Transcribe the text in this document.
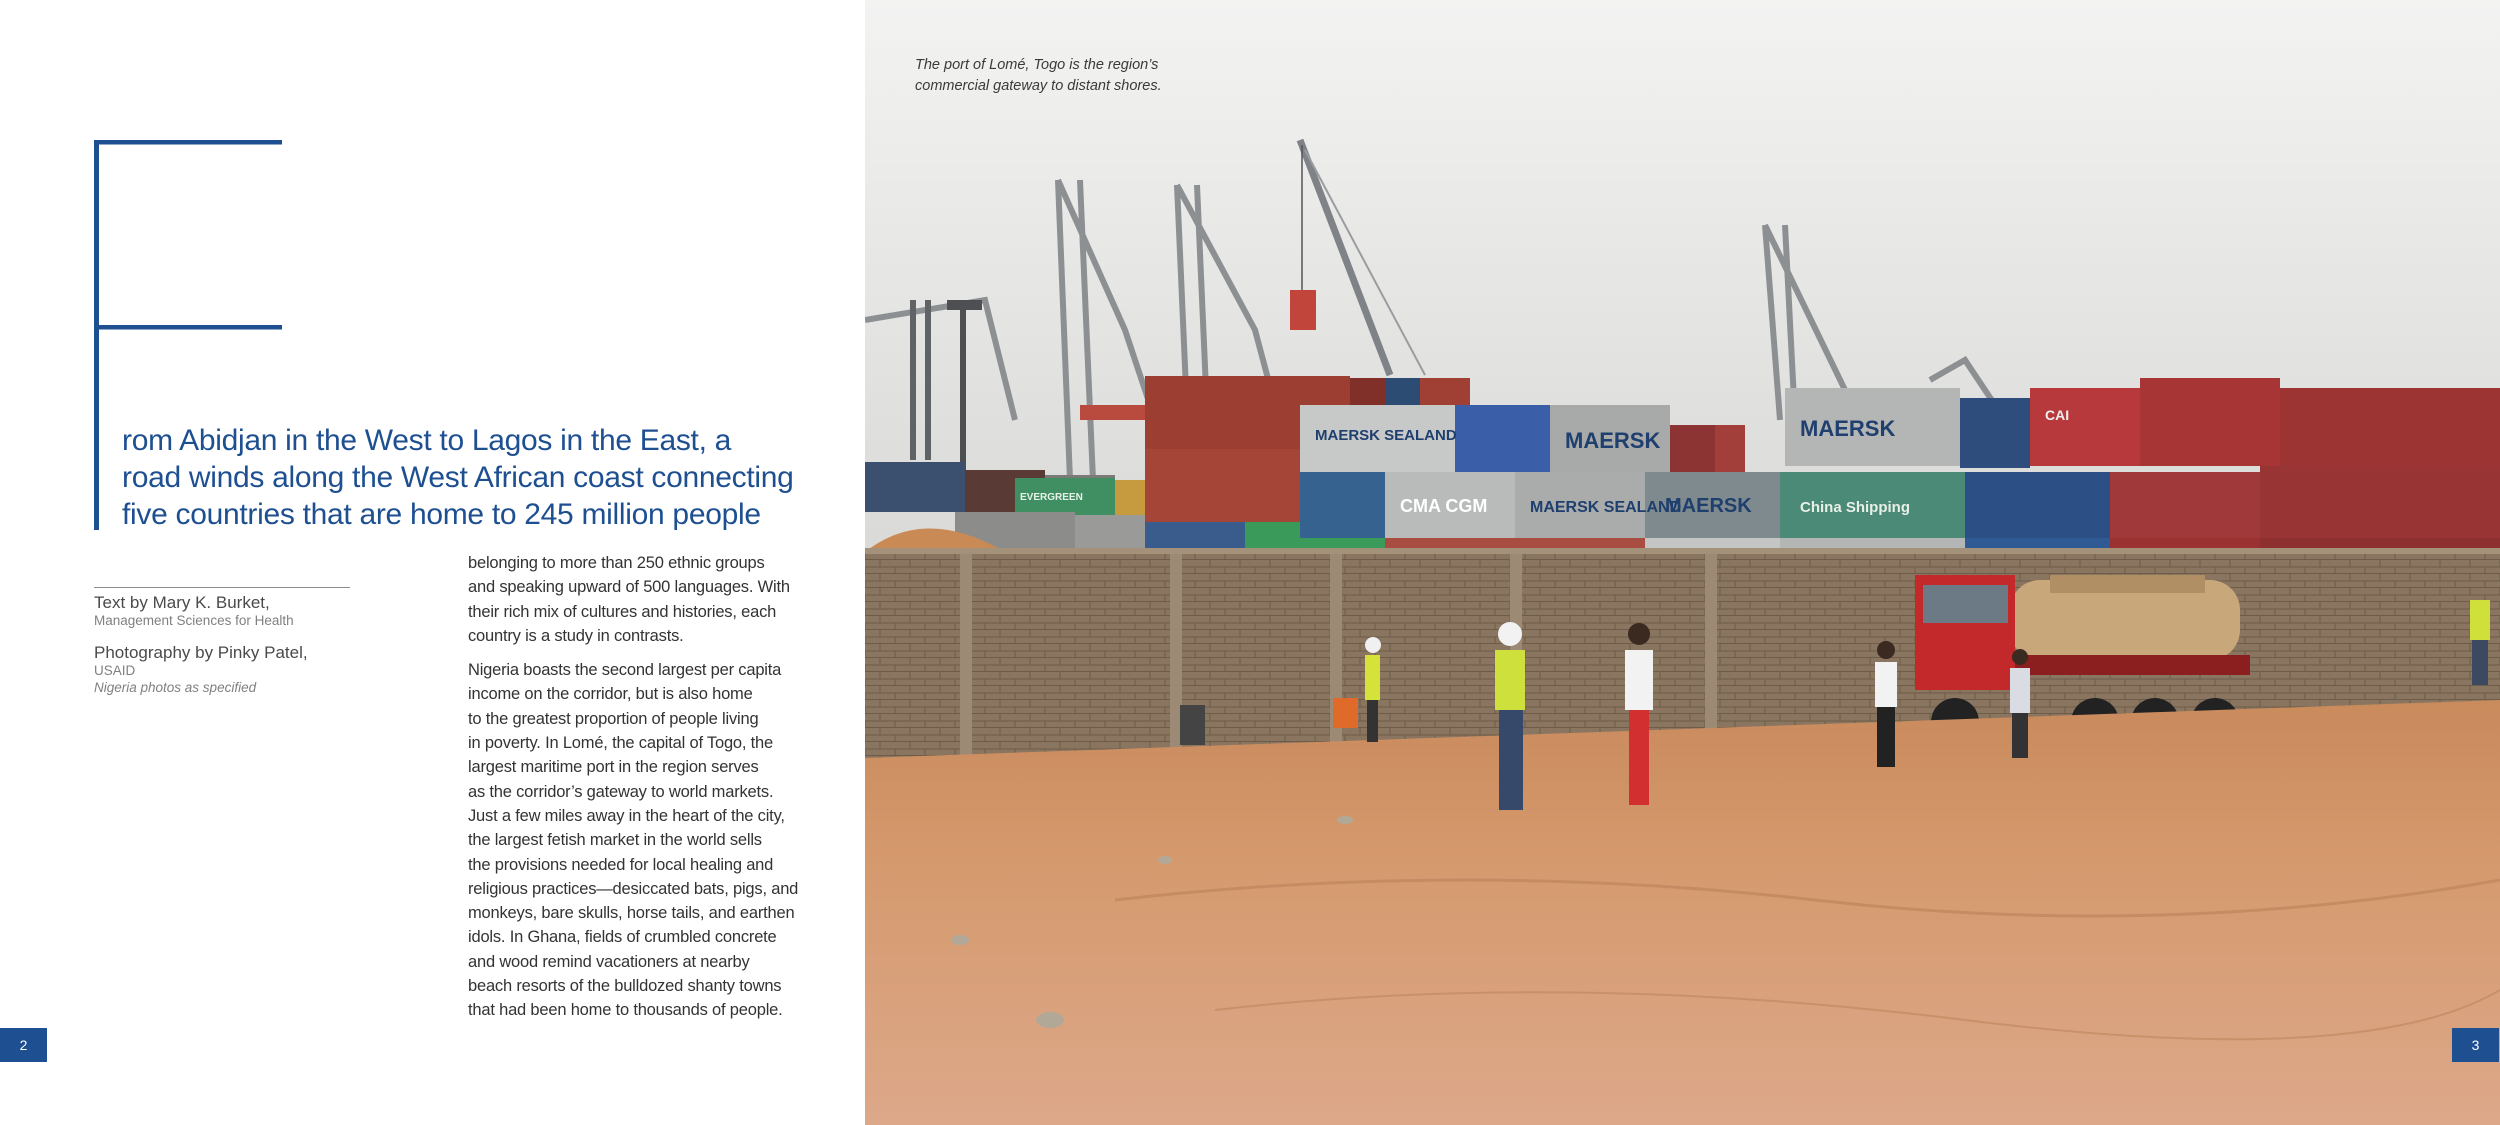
rom Abidjan in the West to Lagos in the East, a
road winds along the West African coast connecting
five countries that are home to 245 million people
Text by Mary K. Burket,
Management Sciences for Health
Photography by Pinky Patel,
USAID
Nigeria photos as specified
belonging to more than 250 ethnic groups
and speaking upward of 500 languages. With
their rich mix of cultures and histories, each
country is a study in contrasts.
Nigeria boasts the second largest per capita
income on the corridor, but is also home
to the greatest proportion of people living
in poverty. In Lomé, the capital of Togo, the
largest maritime port in the region serves
as the corridor’s gateway to world markets.
Just a few miles away in the heart of the city,
the largest fetish market in the world sells
the provisions needed for local healing and
religious practices—desiccated bats, pigs, and
monkeys, bare skulls, horse tails, and earthen
idols. In Ghana, fields of crumbled concrete
and wood remind vacationers at nearby
beach resorts of the bulldozed shanty towns
that had been home to thousands of people.
2
MAERSK SEALAND	MAERSK	MAERSK
MAERSK SEALAND
CMA CGM	MAERSK	China Shipping
EVERGREEN
CAI
3
The port of Lomé, Togo is the region’s
commercial gateway to distant shores.
